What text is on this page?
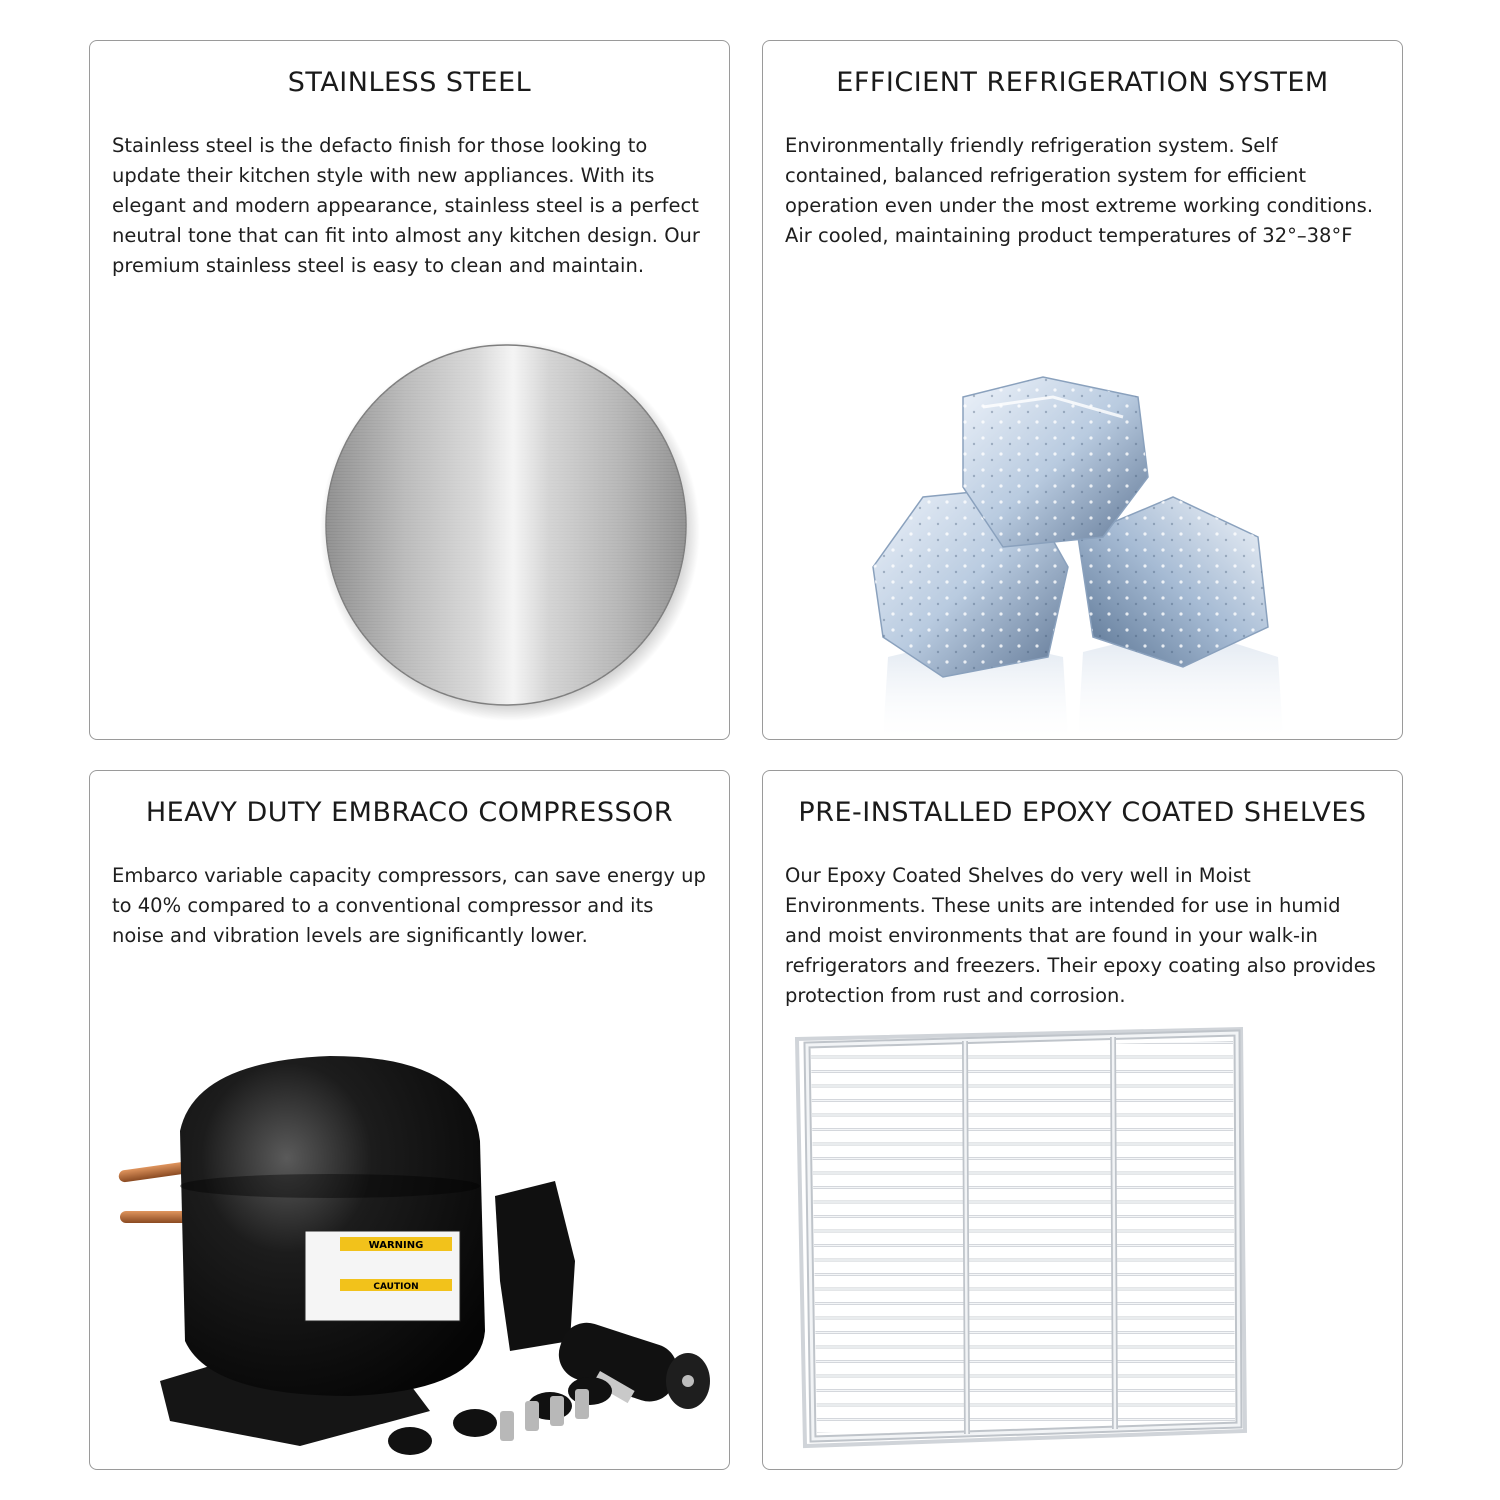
STAINLESS STEEL
Stainless steel is the defacto finish for those looking to update their kitchen style with new appliances. With its elegant and modern appearance, stainless steel is a perfect neutral tone that can fit into almost any kitchen design. Our premium stainless steel is easy to clean and maintain.
EFFICIENT REFRIGERATION SYSTEM
Environmentally friendly refrigeration system. Self contained, balanced refrigeration system for efficient operation even under the most extreme working conditions. Air cooled, maintaining product temperatures of 32°–38°F
HEAVY DUTY EMBRACO COMPRESSOR
Embarco variable capacity compressors, can save energy up to 40% compared to a conventional compressor and its noise and vibration levels are significantly lower.
WARNING
CAUTION
PRE-INSTALLED EPOXY COATED SHELVES
Our Epoxy Coated Shelves do very well in Moist Environments. These units are intended for use in humid and moist environments that are found in your walk-in refrigerators and freezers. Their epoxy coating also provides protection from rust and corrosion.
